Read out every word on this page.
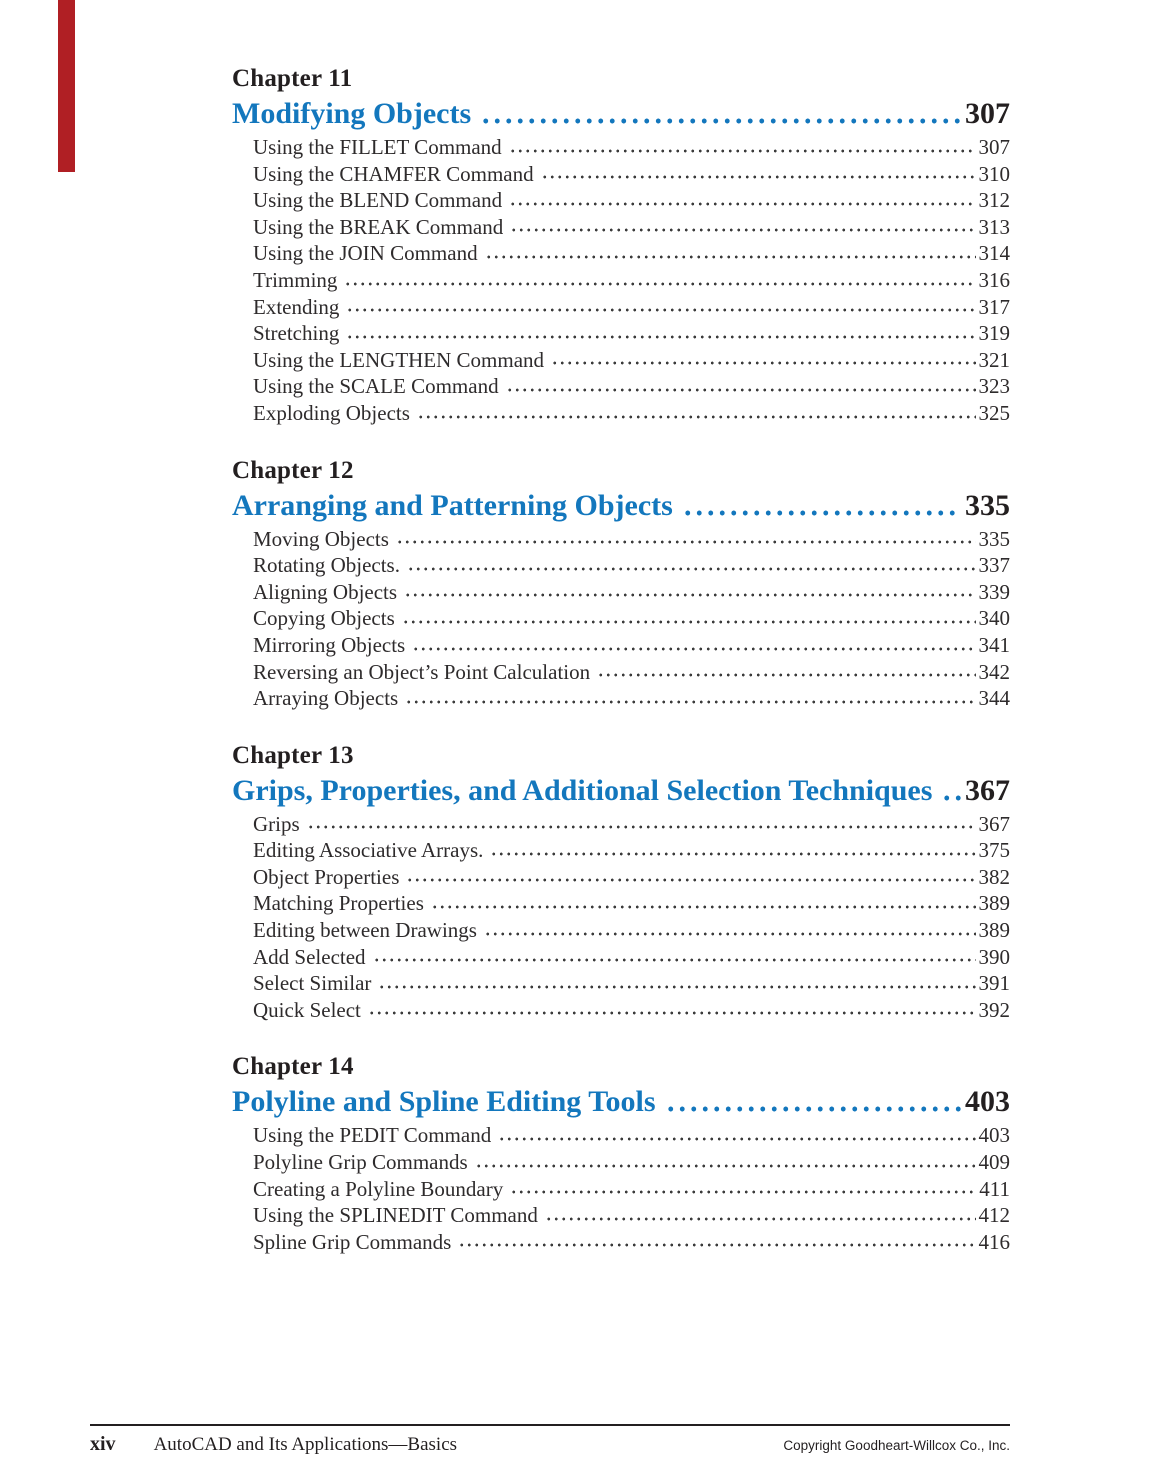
Chapter 11
Modifying Objects	307
Using the FILLET Command	307
Using the CHAMFER Command	310
Using the BLEND Command	312
Using the BREAK Command	313
Using the JOIN Command	314
Trimming	316
Extending	317
Stretching	319
Using the LENGTHEN Command	321
Using the SCALE Command	323
Exploding Objects	325
Chapter 12
Arranging and Patterning Objects	335
Moving Objects	335
Rotating Objects.	337
Aligning Objects	339
Copying Objects	340
Mirroring Objects	341
Reversing an Object’s Point Calculation	342
Arraying Objects	344
Chapter 13
Grips, Properties, and Additional Selection Techniques 367
Grips	367
Editing Associative Arrays.	375
Object Properties	382
Matching Properties	389
Editing between Drawings	389
Add Selected	390
Select Similar	391
Quick Select	392
Chapter 14
Polyline and Spline Editing Tools	403
Using the PEDIT Command	403
Polyline Grip Commands	409
Creating a Polyline Boundary	411
Using the SPLINEDIT Command	412
Spline Grip Commands	416
xiv AutoCAD and Its Applications—Basics	Copyright Goodheart-Willcox Co., Inc.
